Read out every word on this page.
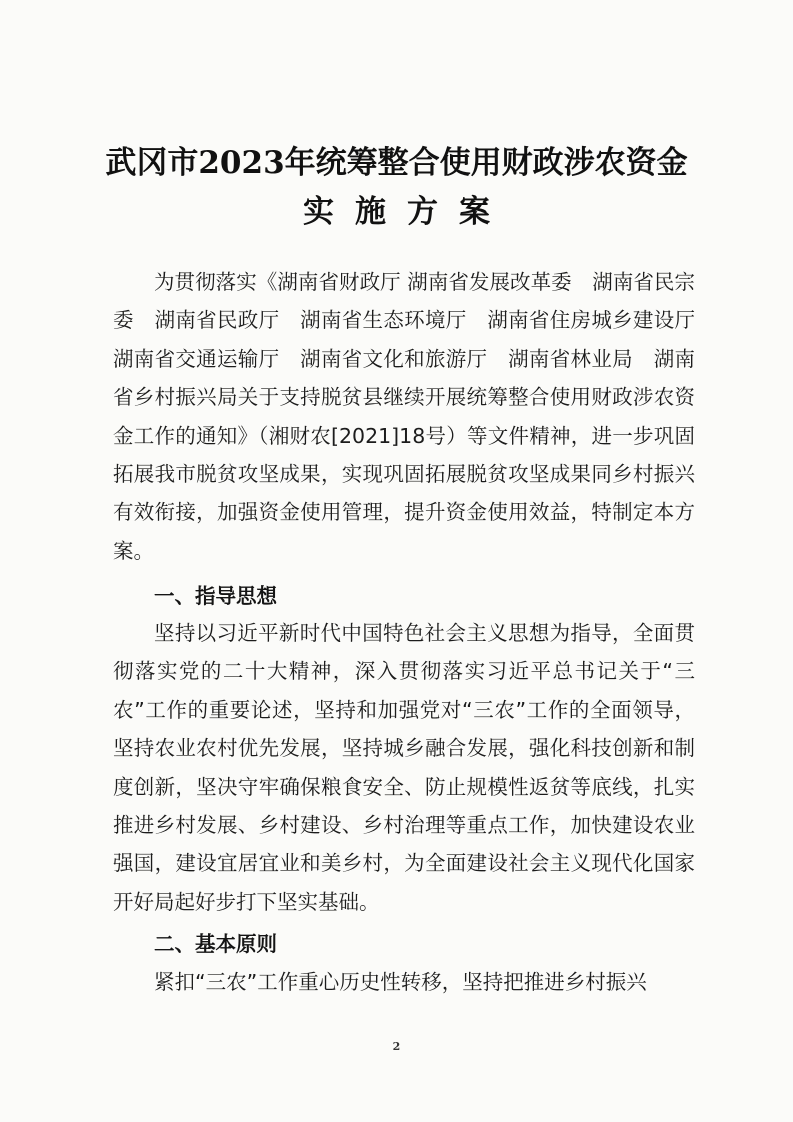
武冈市2023年统筹整合使用财政涉农资金
实施方案

为贯彻落实《湖南省财政厅 湖南省发展改革委　湖南省民宗委　湖南省民政厅　湖南省生态环境厅　湖南省住房城乡建设厅　湖南省交通运输厅　湖南省文化和旅游厅　湖南省林业局　湖南省乡村振兴局关于支持脱贫县继续开展统筹整合使用财政涉农资金工作的通知》（湘财农[2021]18号）等文件精神，进一步巩固拓展我市脱贫攻坚成果，实现巩固拓展脱贫攻坚成果同乡村振兴有效衔接，加强资金使用管理，提升资金使用效益，特制定本方案。

一、指导思想

坚持以习近平新时代中国特色社会主义思想为指导，全面贯彻落实党的二十大精神，深入贯彻落实习近平总书记关于“三农”工作的重要论述，坚持和加强党对“三农”工作的全面领导，坚持农业农村优先发展，坚持城乡融合发展，强化科技创新和制度创新，坚决守牢确保粮食安全、防止规模性返贫等底线，扎实推进乡村发展、乡村建设、乡村治理等重点工作，加快建设农业强国，建设宜居宜业和美乡村，为全面建设社会主义现代化国家开好局起好步打下坚实基础。

二、基本原则

紧扣“三农”工作重心历史性转移，坚持把推进乡村振兴

2
